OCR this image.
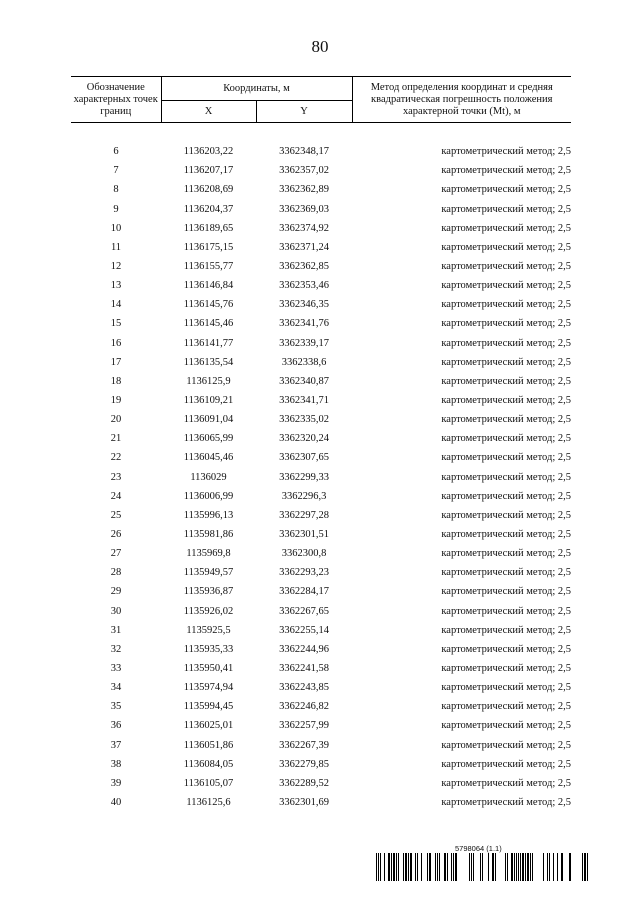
80
Обозначение характерных точек границ	Координаты, м		Метод определения координат и средняя квадратическая погрешность положения характерной точки (Mt), м
	X	Y	

6	1136203,22	3362348,17	картометрический метод; 2,5
7	1136207,17	3362357,02	картометрический метод; 2,5
8	1136208,69	3362362,89	картометрический метод; 2,5
9	1136204,37	3362369,03	картометрический метод; 2,5
10	1136189,65	3362374,92	картометрический метод; 2,5
11	1136175,15	3362371,24	картометрический метод; 2,5
12	1136155,77	3362362,85	картометрический метод; 2,5
13	1136146,84	3362353,46	картометрический метод; 2,5
14	1136145,76	3362346,35	картометрический метод; 2,5
15	1136145,46	3362341,76	картометрический метод; 2,5
16	1136141,77	3362339,17	картометрический метод; 2,5
17	1136135,54	3362338,6	картометрический метод; 2,5
18	1136125,9	3362340,87	картометрический метод; 2,5
19	1136109,21	3362341,71	картометрический метод; 2,5
20	1136091,04	3362335,02	картометрический метод; 2,5
21	1136065,99	3362320,24	картометрический метод; 2,5
22	1136045,46	3362307,65	картометрический метод; 2,5
23	1136029	3362299,33	картометрический метод; 2,5
24	1136006,99	3362296,3	картометрический метод; 2,5
25	1135996,13	3362297,28	картометрический метод; 2,5
26	1135981,86	3362301,51	картометрический метод; 2,5
27	1135969,8	3362300,8	картометрический метод; 2,5
28	1135949,57	3362293,23	картометрический метод; 2,5
29	1135936,87	3362284,17	картометрический метод; 2,5
30	1135926,02	3362267,65	картометрический метод; 2,5
31	1135925,5	3362255,14	картометрический метод; 2,5
32	1135935,33	3362244,96	картометрический метод; 2,5
33	1135950,41	3362241,58	картометрический метод; 2,5
34	1135974,94	3362243,85	картометрический метод; 2,5
35	1135994,45	3362246,82	картометрический метод; 2,5
36	1136025,01	3362257,99	картометрический метод; 2,5
37	1136051,86	3362267,39	картометрический метод; 2,5
38	1136084,05	3362279,85	картометрический метод; 2,5
39	1136105,07	3362289,52	картометрический метод; 2,5
40	1136125,6	3362301,69	картометрический метод; 2,5
5798064 (1.1)
